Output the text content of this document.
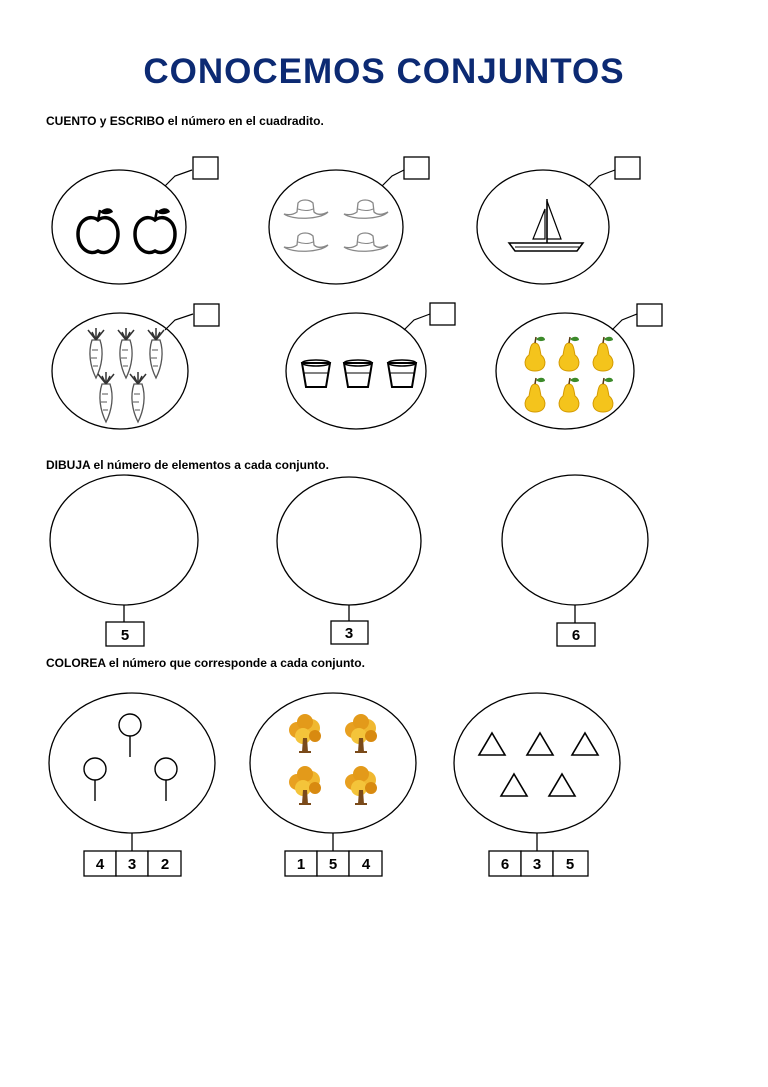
CONOCEMOS CONJUNTOS
CUENTO y ESCRIBO el número en el cuadradito.
DIBUJA el número de elementos a cada conjunto.
COLOREA el número que corresponde a cada conjunto.
5	3	6
4 3 2	1 5 4	6 3 5
